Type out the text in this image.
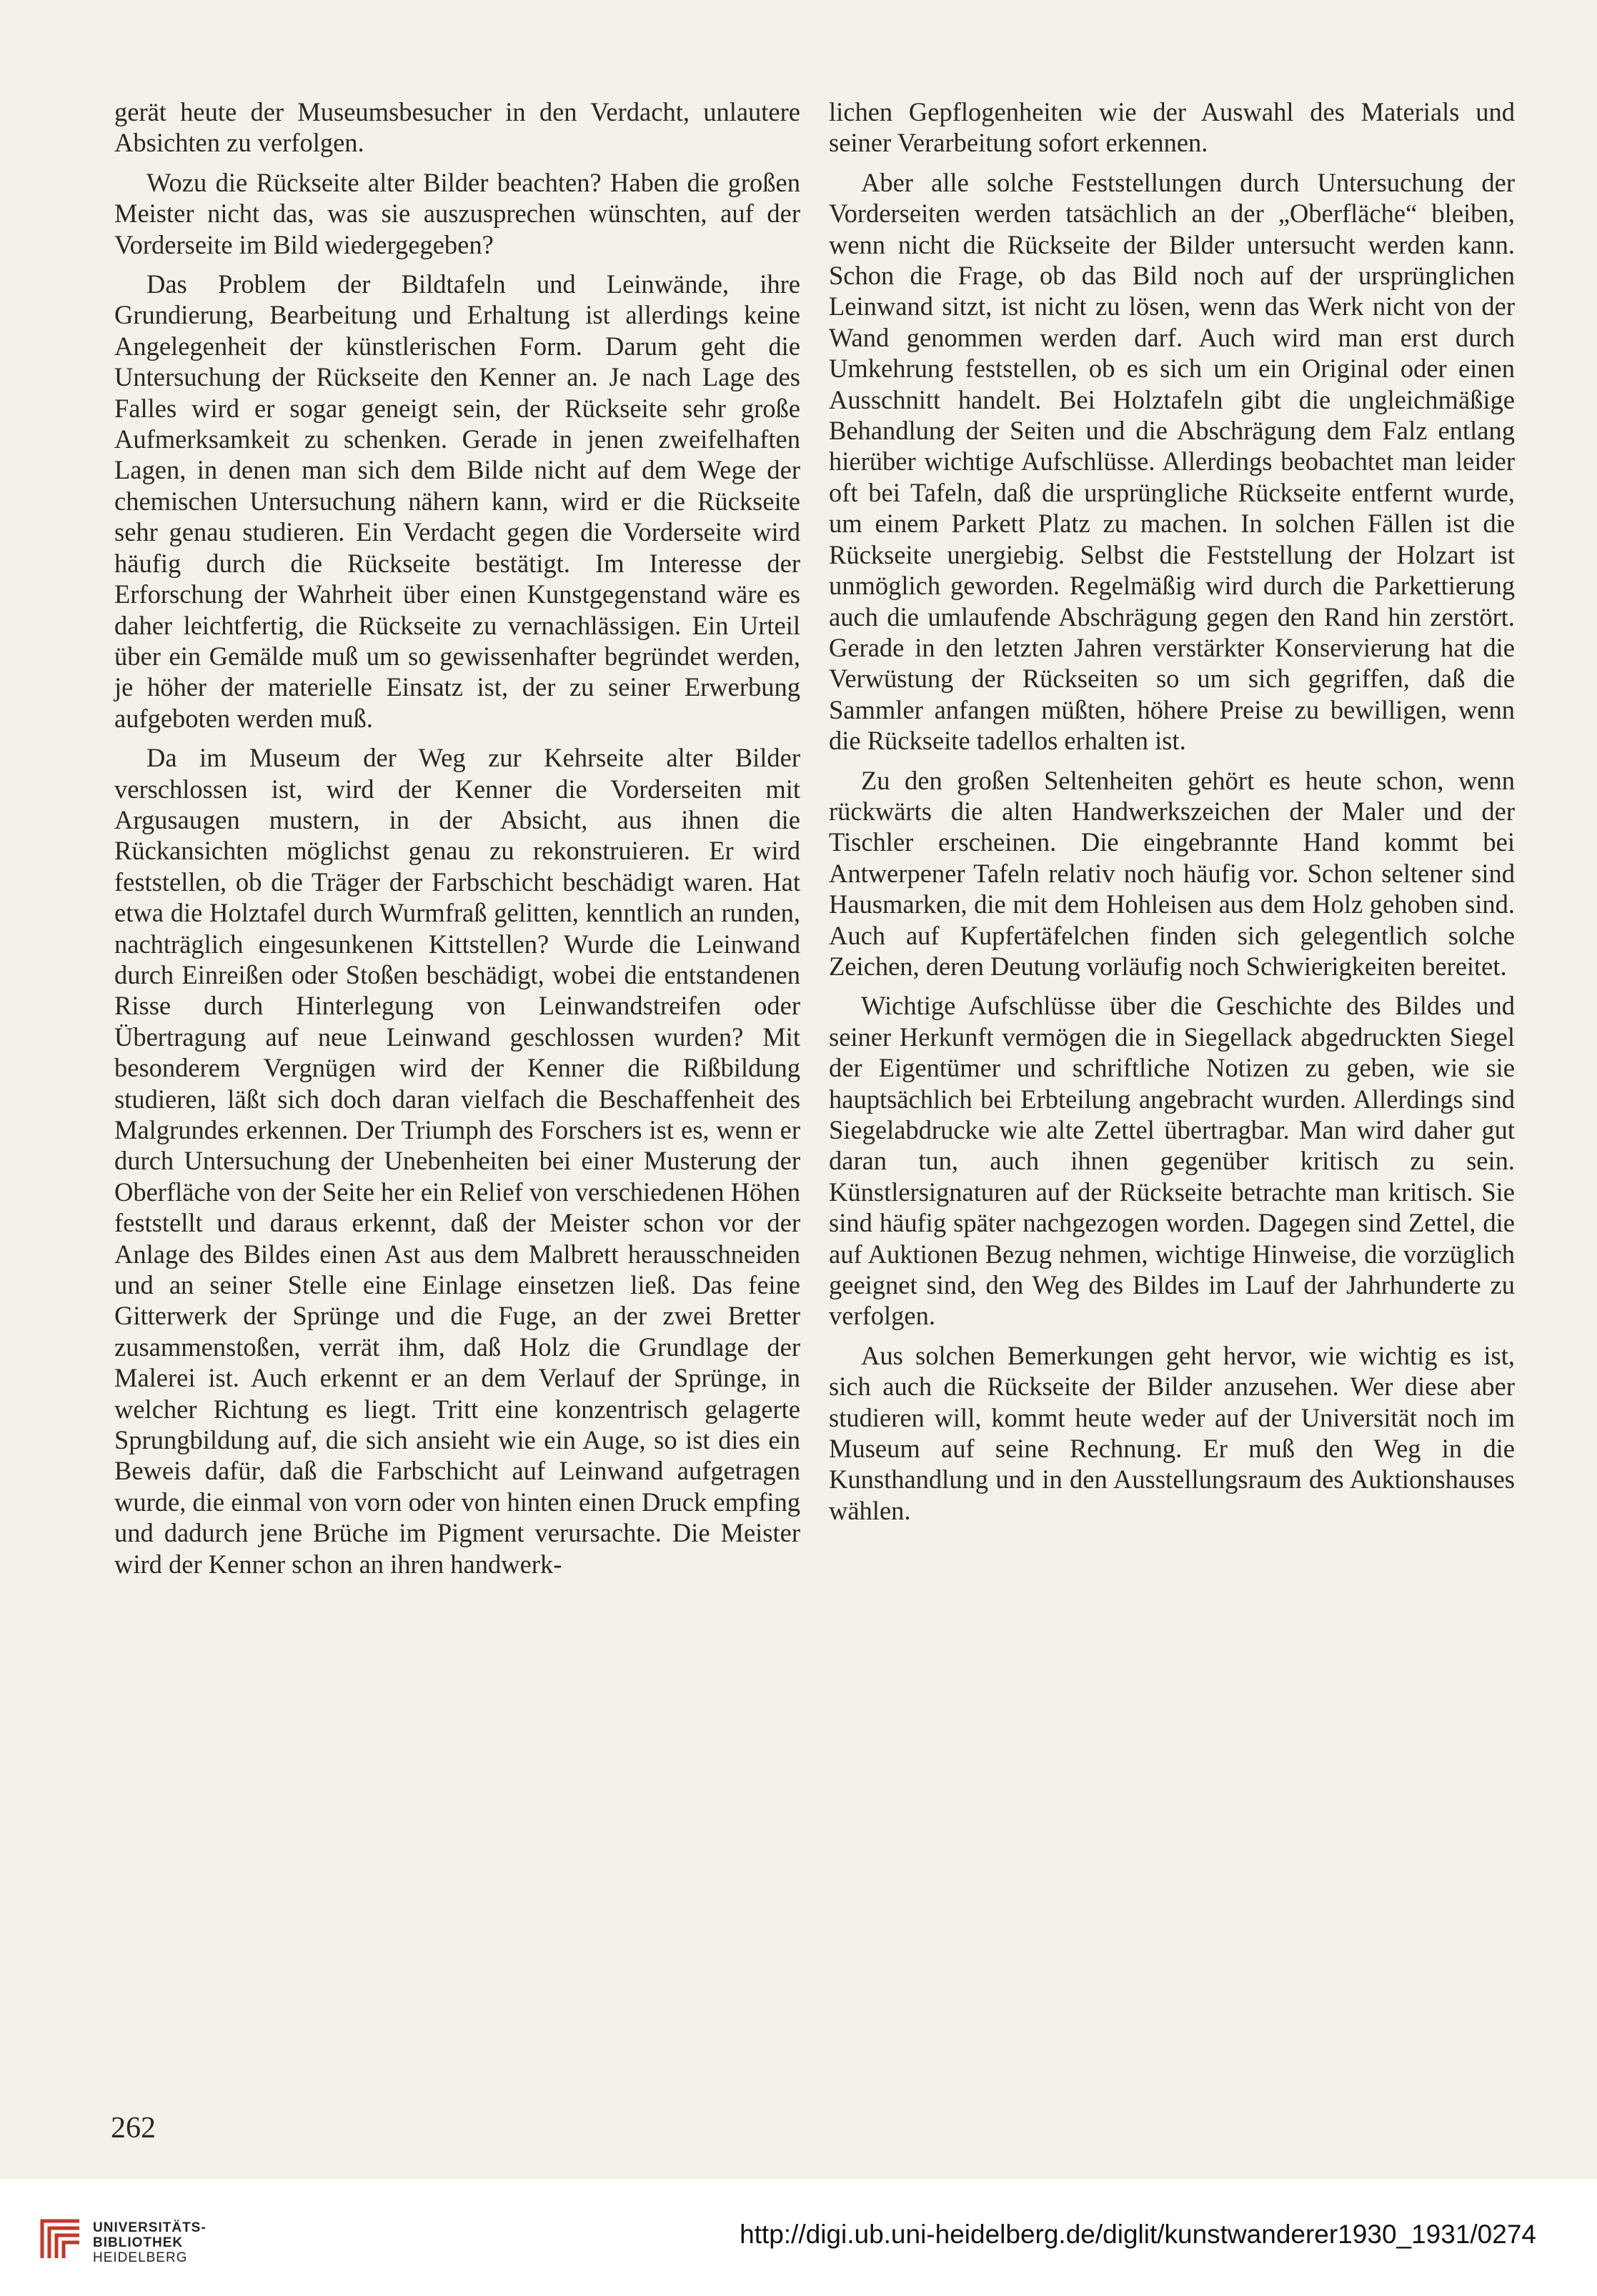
gerät heute der Museumsbesucher in den Verdacht, unlautere Absichten zu verfolgen.

Wozu die Rückseite alter Bilder beachten? Haben die großen Meister nicht das, was sie auszusprechen wünschten, auf der Vorderseite im Bild wiedergegeben?

Das Problem der Bildtafeln und Leinwände, ihre Grundierung, Bearbeitung und Erhaltung ist allerdings keine Angelegenheit der künstlerischen Form. Darum geht die Untersuchung der Rückseite den Kenner an. Je nach Lage des Falles wird er sogar geneigt sein, der Rückseite sehr große Aufmerksamkeit zu schenken. Gerade in jenen zweifelhaften Lagen, in denen man sich dem Bilde nicht auf dem Wege der chemischen Untersuchung nähern kann, wird er die Rückseite sehr genau studieren. Ein Verdacht gegen die Vorderseite wird häufig durch die Rückseite bestätigt. Im Interesse der Erforschung der Wahrheit über einen Kunstgegenstand wäre es daher leichtfertig, die Rückseite zu vernachlässigen. Ein Urteil über ein Gemälde muß um so gewissenhafter begründet werden, je höher der materielle Einsatz ist, der zu seiner Erwerbung aufgeboten werden muß.

Da im Museum der Weg zur Kehrseite alter Bilder verschlossen ist, wird der Kenner die Vorderseiten mit Argusaugen mustern, in der Absicht, aus ihnen die Rückansichten möglichst genau zu rekonstruieren. Er wird feststellen, ob die Träger der Farbschicht beschädigt waren. Hat etwa die Holztafel durch Wurmfraß gelitten, kenntlich an runden, nachträglich eingesunkenen Kittstellen? Wurde die Leinwand durch Einreißen oder Stoßen beschädigt, wobei die entstandenen Risse durch Hinterlegung von Leinwandstreifen oder Übertragung auf neue Leinwand geschlossen wurden? Mit besonderem Vergnügen wird der Kenner die Rißbildung studieren, läßt sich doch daran vielfach die Beschaffenheit des Malgrundes erkennen. Der Triumph des Forschers ist es, wenn er durch Untersuchung der Unebenheiten bei einer Musterung der Oberfläche von der Seite her ein Relief von verschiedenen Höhen feststellt und daraus erkennt, daß der Meister schon vor der Anlage des Bildes einen Ast aus dem Malbrett herausschneiden und an seiner Stelle eine Einlage einsetzen ließ. Das feine Gitterwerk der Sprünge und die Fuge, an der zwei Bretter zusammenstoßen, verrät ihm, daß Holz die Grundlage der Malerei ist. Auch erkennt er an dem Verlauf der Sprünge, in welcher Richtung es liegt. Tritt eine konzentrisch gelagerte Sprungbildung auf, die sich ansieht wie ein Auge, so ist dies ein Beweis dafür, daß die Farbschicht auf Leinwand aufgetragen wurde, die einmal von vorn oder von hinten einen Druck empfing und dadurch jene Brüche im Pigment verursachte. Die Meister wird der Kenner schon an ihren handwerk-

lichen Gepflogenheiten wie der Auswahl des Materials und seiner Verarbeitung sofort erkennen.

Aber alle solche Feststellungen durch Untersuchung der Vorderseiten werden tatsächlich an der „Oberfläche“ bleiben, wenn nicht die Rückseite der Bilder untersucht werden kann. Schon die Frage, ob das Bild noch auf der ursprünglichen Leinwand sitzt, ist nicht zu lösen, wenn das Werk nicht von der Wand genommen werden darf. Auch wird man erst durch Umkehrung feststellen, ob es sich um ein Original oder einen Ausschnitt handelt. Bei Holztafeln gibt die ungleichmäßige Behandlung der Seiten und die Abschrägung dem Falz entlang hierüber wichtige Aufschlüsse. Allerdings beobachtet man leider oft bei Tafeln, daß die ursprüngliche Rückseite entfernt wurde, um einem Parkett Platz zu machen. In solchen Fällen ist die Rückseite unergiebig. Selbst die Feststellung der Holzart ist unmöglich geworden. Regelmäßig wird durch die Parkettierung auch die umlaufende Abschrägung gegen den Rand hin zerstört. Gerade in den letzten Jahren verstärkter Konservierung hat die Verwüstung der Rückseiten so um sich gegriffen, daß die Sammler anfangen müßten, höhere Preise zu bewilligen, wenn die Rückseite tadellos erhalten ist.

Zu den großen Seltenheiten gehört es heute schon, wenn rückwärts die alten Handwerkszeichen der Maler und der Tischler erscheinen. Die eingebrannte Hand kommt bei Antwerpener Tafeln relativ noch häufig vor. Schon seltener sind Hausmarken, die mit dem Hohleisen aus dem Holz gehoben sind. Auch auf Kupfertäfelchen finden sich gelegentlich solche Zeichen, deren Deutung vorläufig noch Schwierigkeiten bereitet.

Wichtige Aufschlüsse über die Geschichte des Bildes und seiner Herkunft vermögen die in Siegellack abgedruckten Siegel der Eigentümer und schriftliche Notizen zu geben, wie sie hauptsächlich bei Erbteilung angebracht wurden. Allerdings sind Siegelabdrucke wie alte Zettel übertragbar. Man wird daher gut daran tun, auch ihnen gegenüber kritisch zu sein. Künstlersignaturen auf der Rückseite betrachte man kritisch. Sie sind häufig später nachgezogen worden. Dagegen sind Zettel, die auf Auktionen Bezug nehmen, wichtige Hinweise, die vorzüglich geeignet sind, den Weg des Bildes im Lauf der Jahrhunderte zu verfolgen.

Aus solchen Bemerkungen geht hervor, wie wichtig es ist, sich auch die Rückseite der Bilder anzusehen. Wer diese aber studieren will, kommt heute weder auf der Universität noch im Museum auf seine Rechnung. Er muß den Weg in die Kunsthandlung und in den Ausstellungsraum des Auktionshauses wählen.

262
UNIVERSITÄTS-
BIBLIOTHEK
HEIDELBERG
http://digi.ub.uni-heidelberg.de/diglit/kunstwanderer1930_1931/0274
